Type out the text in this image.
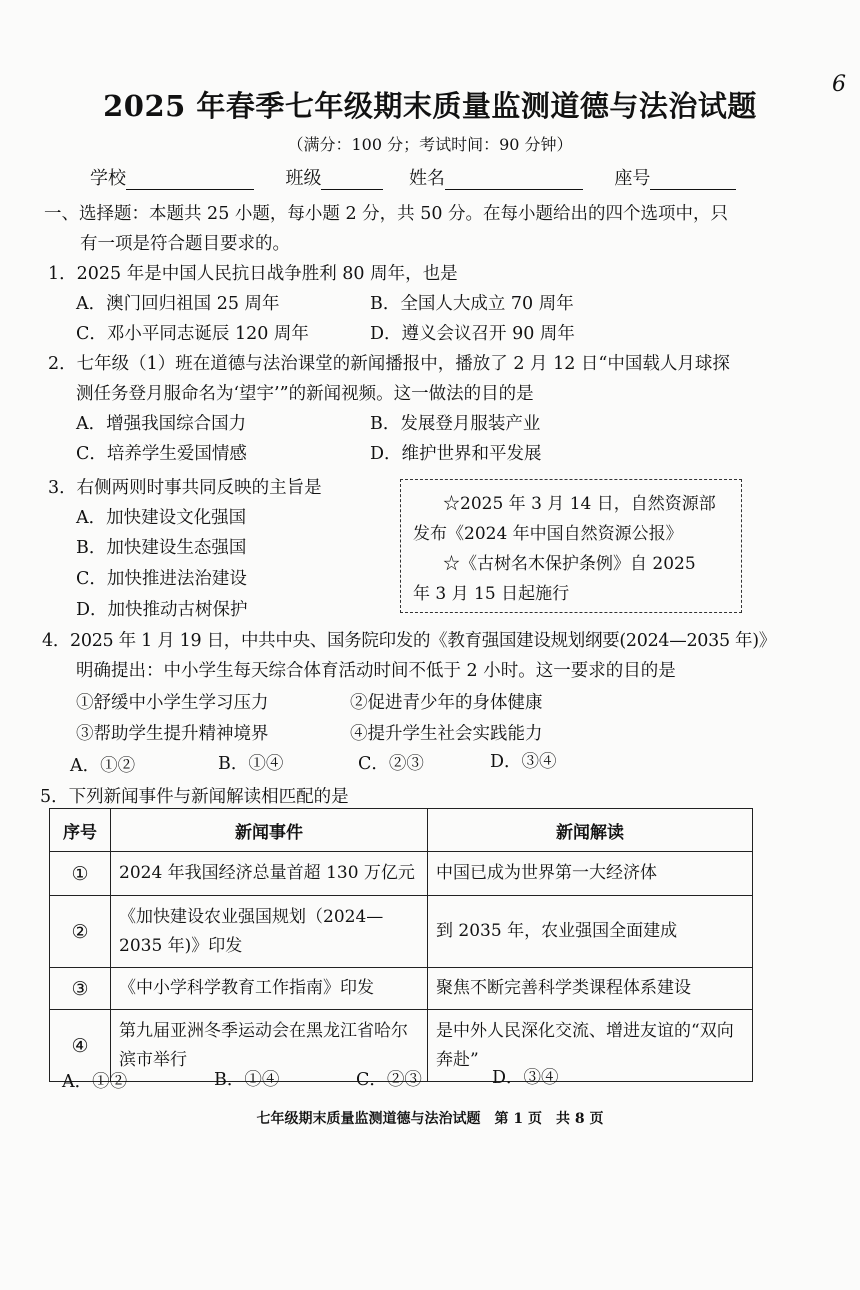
6
2025 年春季七年级期末质量监测道德与法治试题
（满分：100 分；考试时间：90 分钟）
学校	班级	姓名	座号
一、选择题：本题共 25 小题，每小题 2 分，共 50 分。在每小题给出的四个选项中，只
有一项是符合题目要求的。
1．2025 年是中国人民抗日战争胜利 80 周年，也是
A．澳门回归祖国 25 周年	B．全国人大成立 70 周年
C．邓小平同志诞辰 120 周年	D．遵义会议召开 90 周年
2．七年级（1）班在道德与法治课堂的新闻播报中，播放了 2 月 12 日“中国载人月球探
测任务登月服命名为‘望宇’”的新闻视频。这一做法的目的是
A．增强我国综合国力	B．发展登月服装产业
C．培养学生爱国情感	D．维护世界和平发展
3．右侧两则时事共同反映的主旨是
A．加快建设文化强国
B．加快建设生态强国
C．加快推进法治建设
D．加快推动古树保护
☆2025 年 3 月 14 日，自然资源部
发布《2024 年中国自然资源公报》
☆《古树名木保护条例》自 2025
年 3 月 15 日起施行
4．2025 年 1 月 19 日，中共中央、国务院印发的《教育强国建设规划纲要(2024—2035 年)》
明确提出：中小学生每天综合体育活动时间不低于 2 小时。这一要求的目的是
①舒缓中小学生学习压力	②促进青少年的身体健康
③帮助学生提升精神境界	④提升学生社会实践能力
A．①②	B．①④	C．②③	D．③④
5．下列新闻事件与新闻解读相匹配的是
序号	新闻事件	新闻解读
①	2024 年我国经济总量首超 130 万亿元	中国已成为世界第一大经济体
②	《加快建设农业强国规划（2024—2035 年)》印发	到 2035 年，农业强国全面建成
③	《中小学科学教育工作指南》印发	聚焦不断完善科学类课程体系建设
④	第九届亚洲冬季运动会在黑龙江省哈尔滨市举行	是中外人民深化交流、增进友谊的“双向奔赴”
A．①②	B．①④	C．②③	D．③④
七年级期末质量监测道德与法治试题　第 1 页　共 8 页
